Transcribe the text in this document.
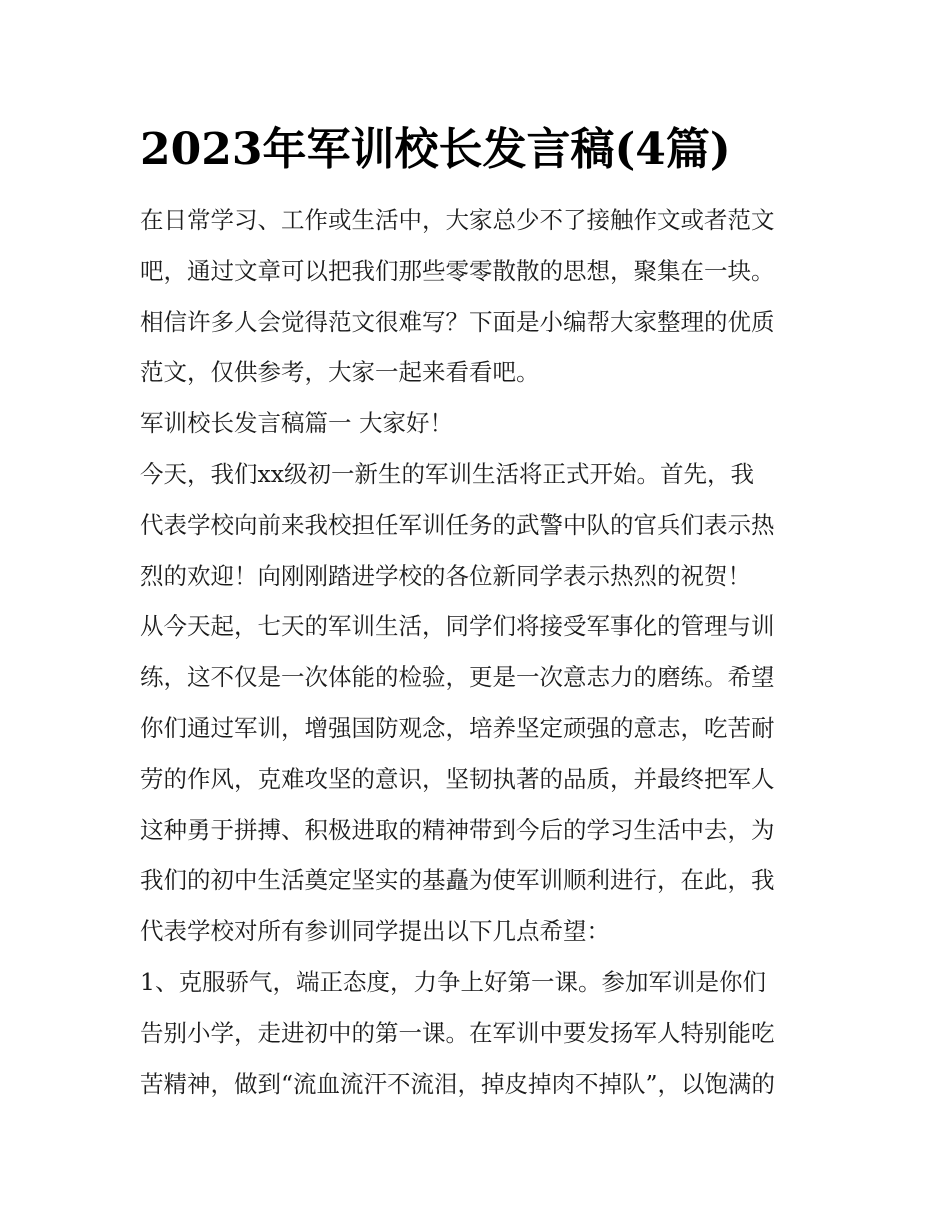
2023年军训校长发言稿(4篇)
在日常学习、工作或生活中，大家总少不了接触作文或者范文
吧，通过文章可以把我们那些零零散散的思想，聚集在一块。
相信许多人会觉得范文很难写？下面是小编帮大家整理的优质
范文，仅供参考，大家一起来看看吧。
军训校长发言稿篇一 大家好！
今天，我们xx级初一新生的军训生活将正式开始。首先，我
代表学校向前来我校担任军训任务的武警中队的官兵们表示热
烈的欢迎！向刚刚踏进学校的各位新同学表示热烈的祝贺！
从今天起，七天的军训生活，同学们将接受军事化的管理与训
练，这不仅是一次体能的检验，更是一次意志力的磨练。希望
你们通过军训，增强国防观念，培养坚定顽强的意志，吃苦耐
劳的作风，克难攻坚的意识，坚韧执著的品质，并最终把军人
这种勇于拼搏、积极进取的精神带到今后的学习生活中去，为
我们的初中生活奠定坚实的基矗为使军训顺利进行，在此，我
代表学校对所有参训同学提出以下几点希望：
1、克服骄气，端正态度，力争上好第一课。参加军训是你们
告别小学，走进初中的第一课。在军训中要发扬军人特别能吃
苦精神，做到“流血流汗不流泪，掉皮掉肉不掉队”，以饱满的
